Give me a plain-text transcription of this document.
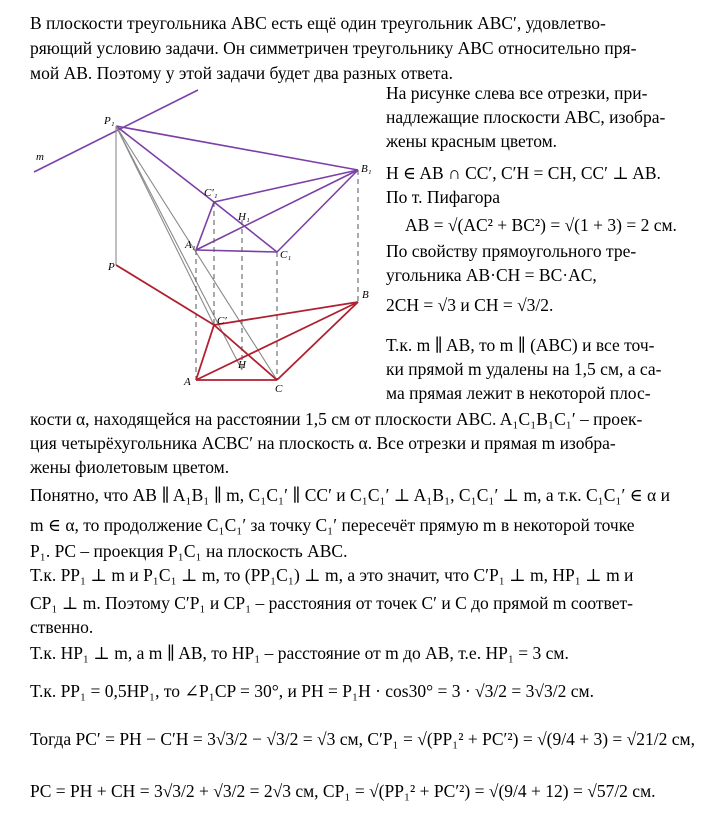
В плоскости треугольника ABC есть ещё один треугольник ABC′, удовлетво-
ряющий условию задачи. Он симметричен треугольнику ABC относительно пря-
мой AB. Поэтому у этой задачи будет два разных ответа.
На рисунке слева все отрезки, при-
надлежащие плоскости ABC, изобра-
жены красным цветом.
H ∈ AB ∩ CC′, C′H = CH, CC′ ⊥ AB.
По т. Пифагора
AB = √(AC² + BC²) = √(1 + 3) = 2 см.
По свойству прямоугольного тре-
угольника AB·CH = BC·AC,
2CH = √3 и CH = √3/2.
Т.к. m ∥ AB, то m ∥ (ABC) и все точ-
ки прямой m удалены на 1,5 см, а са-
ма прямая лежит в некоторой плос-
кости α, находящейся на расстоянии 1,5 см от плоскости ABC. A₁C₁B₁C₁′ – проек-
ция четырёхугольника ACBC′ на плоскость α. Все отрезки и прямая m изобра-
жены фиолетовым цветом.
Понятно, что AB ∥ A₁B₁ ∥ m, C₁C₁′ ∥ CC′ и C₁C₁′ ⊥ A₁B₁, C₁C₁′ ⊥ m, а т.к. C₁C₁′ ∈ α и
m ∈ α, то продолжение C₁C₁′ за точку C₁′ пересечёт прямую m в некоторой точке
P₁. PC – проекция P₁C₁ на плоскость ABC.
Т.к. PP₁ ⊥ m и P₁C₁ ⊥ m, то (PP₁C₁) ⊥ m, а это значит, что C′P₁ ⊥ m, HP₁ ⊥ m и
CP₁ ⊥ m. Поэтому C′P₁ и CP₁ – расстояния от точек C′ и C до прямой m соответ-
ственно.
Т.к. HP₁ ⊥ m, а m ∥ AB, то HP₁ – расстояние от m до AB, т.е. HP₁ = 3 см.
Т.к. PP₁ = 0,5HP₁, то ∠P₁CP = 30°, и PH = P₁H · cos30° = 3 · √3/2 = 3√3/2 см.
Тогда PC′ = PH − C′H = 3√3/2 − √3/2 = √3 см, C′P₁ = √(PP₁² + PC′²) = √(9/4 + 3) = √21/2 см,
PC = PH + CH = 3√3/2 + √3/2 = 2√3 см, CP₁ = √(PP₁² + PC′²) = √(9/4 + 12) = √57/2 см.
m
P₁
B₁
C′₁
H₁
A₁
C₁
P
B
C′
H
A
C
